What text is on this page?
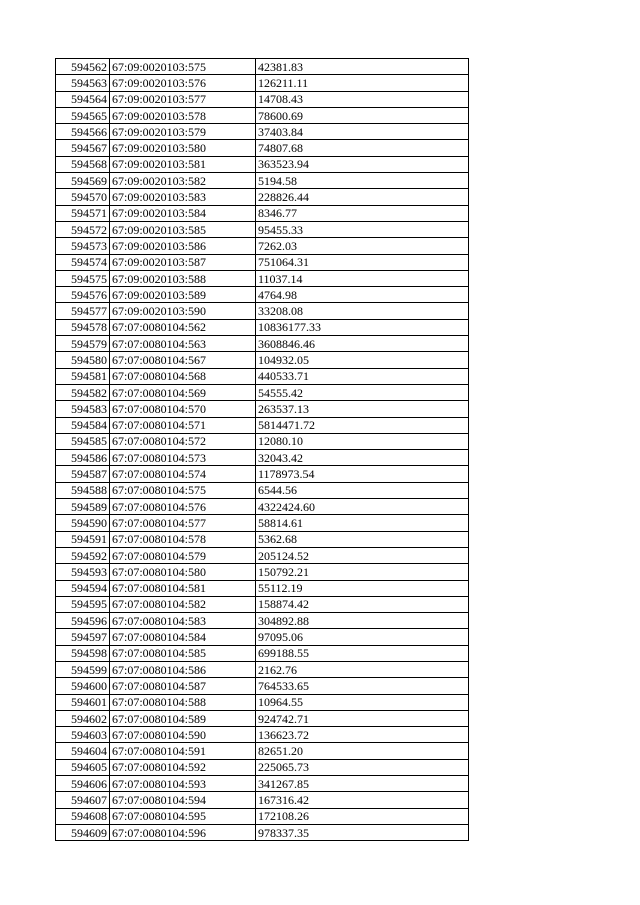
594562	67:09:0020103:575	42381.83
594563	67:09:0020103:576	126211.11
594564	67:09:0020103:577	14708.43
594565	67:09:0020103:578	78600.69
594566	67:09:0020103:579	37403.84
594567	67:09:0020103:580	74807.68
594568	67:09:0020103:581	363523.94
594569	67:09:0020103:582	5194.58
594570	67:09:0020103:583	228826.44
594571	67:09:0020103:584	8346.77
594572	67:09:0020103:585	95455.33
594573	67:09:0020103:586	7262.03
594574	67:09:0020103:587	751064.31
594575	67:09:0020103:588	11037.14
594576	67:09:0020103:589	4764.98
594577	67:09:0020103:590	33208.08
594578	67:07:0080104:562	10836177.33
594579	67:07:0080104:563	3608846.46
594580	67:07:0080104:567	104932.05
594581	67:07:0080104:568	440533.71
594582	67:07:0080104:569	54555.42
594583	67:07:0080104:570	263537.13
594584	67:07:0080104:571	5814471.72
594585	67:07:0080104:572	12080.10
594586	67:07:0080104:573	32043.42
594587	67:07:0080104:574	1178973.54
594588	67:07:0080104:575	6544.56
594589	67:07:0080104:576	4322424.60
594590	67:07:0080104:577	58814.61
594591	67:07:0080104:578	5362.68
594592	67:07:0080104:579	205124.52
594593	67:07:0080104:580	150792.21
594594	67:07:0080104:581	55112.19
594595	67:07:0080104:582	158874.42
594596	67:07:0080104:583	304892.88
594597	67:07:0080104:584	97095.06
594598	67:07:0080104:585	699188.55
594599	67:07:0080104:586	2162.76
594600	67:07:0080104:587	764533.65
594601	67:07:0080104:588	10964.55
594602	67:07:0080104:589	924742.71
594603	67:07:0080104:590	136623.72
594604	67:07:0080104:591	82651.20
594605	67:07:0080104:592	225065.73
594606	67:07:0080104:593	341267.85
594607	67:07:0080104:594	167316.42
594608	67:07:0080104:595	172108.26
594609	67:07:0080104:596	978337.35
